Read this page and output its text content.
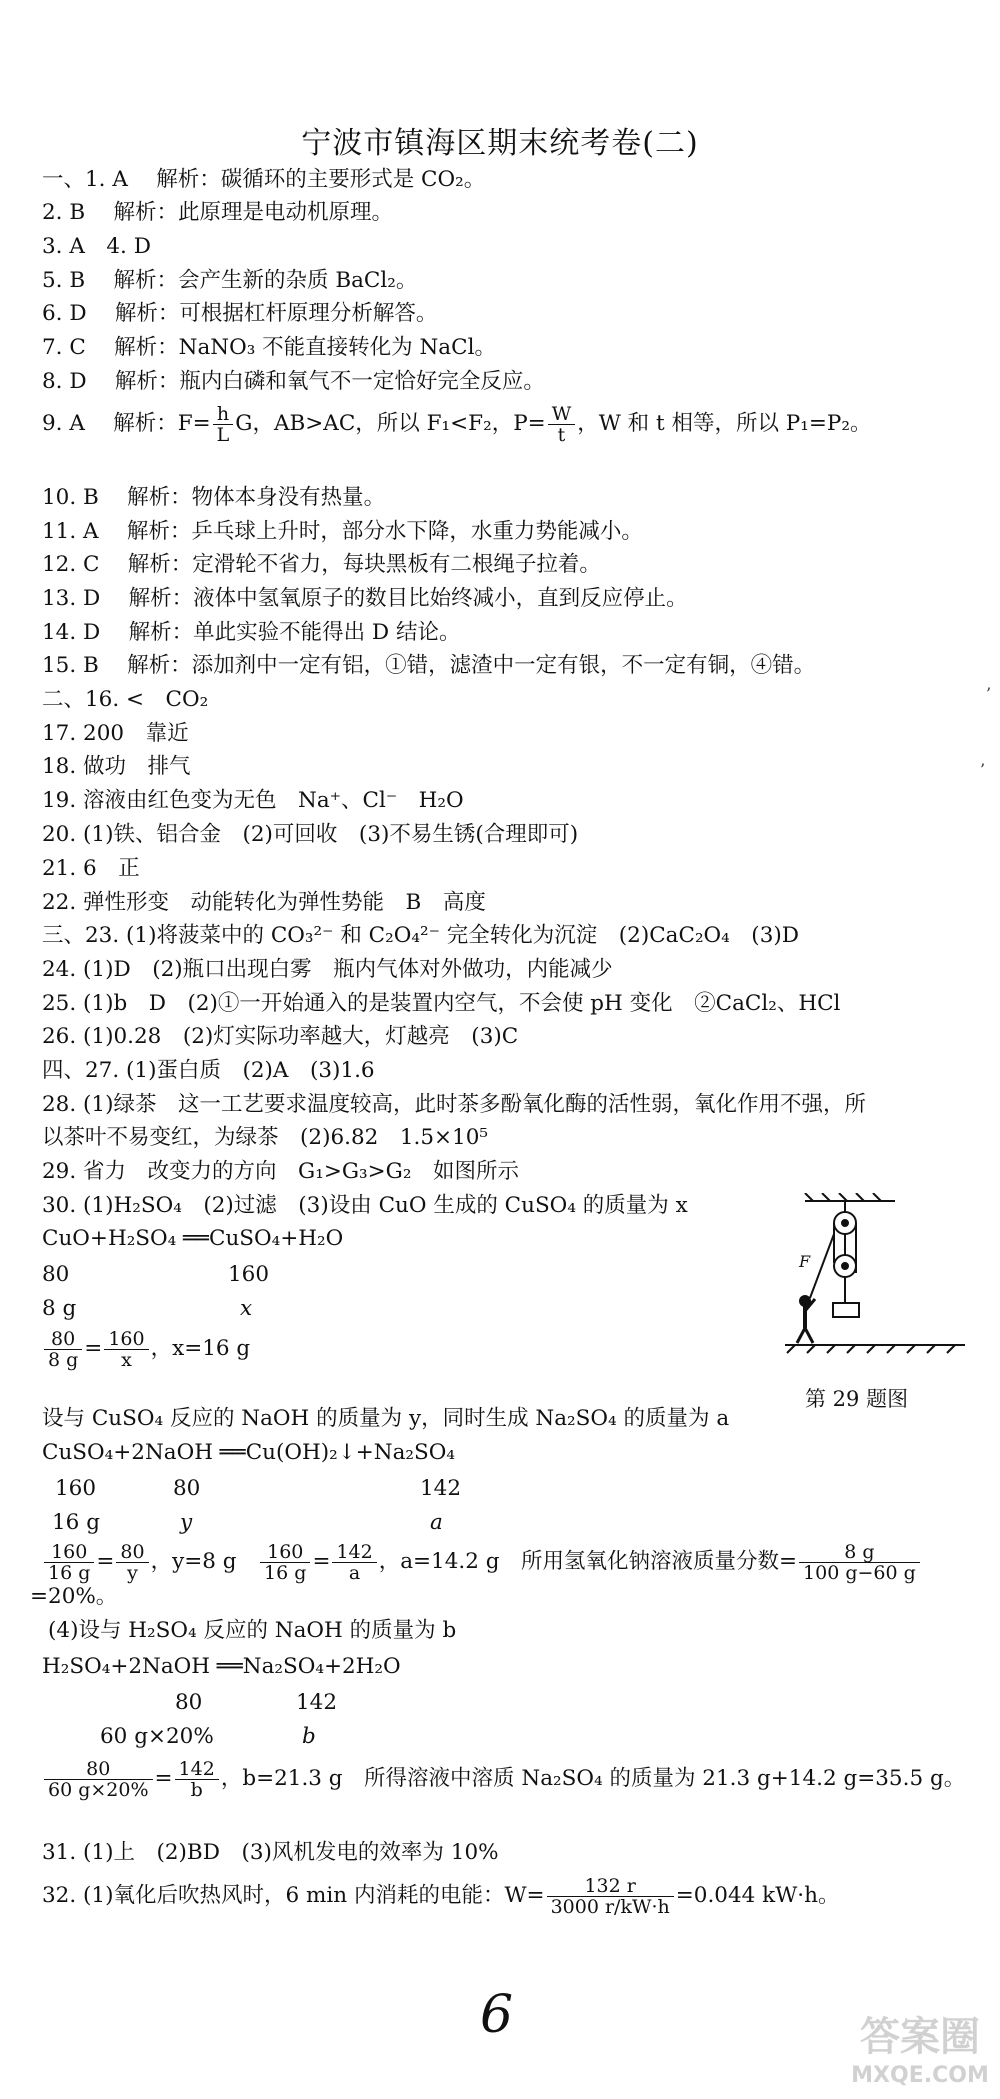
宁波市镇海区期末统考卷(二)
一、1. A　 解析：碳循环的主要形式是 CO₂。
2. B　 解析：此原理是电动机原理。
3. A　4. D
5. B　 解析：会产生新的杂质 BaCl₂。
6. D　 解析：可根据杠杆原理分析解答。
7. C　 解析：NaNO₃ 不能直接转化为 NaCl。
8. D　 解析：瓶内白磷和氧气不一定恰好完全反应。
9. A　 解析：$F= \frac{h}{L}$ G，AB>AC，所以 F₁<F₂，$P= \frac{W}{t}$ ，W 和 t 相等，所以 P₁=P₂。
10. B　 解析：物体本身没有热量。
11. A　 解析：乒乓球上升时，部分水下降，水重力势能减小。
12. C　 解析：定滑轮不省力，每块黑板有二根绳子拉着。
13. D　 解析：液体中氢氧原子的数目比始终减小，直到反应停止。
14. D　 解析：单此实验不能得出 D 结论。
15. B　 解析：添加剂中一定有铝，①错，滤渣中一定有银，不一定有铜，④错。
二、16. <　CO₂
17. 200　靠近
18. 做功　排气
19. 溶液由红色变为无色　Na⁺、Cl⁻　H₂O
20. (1)铁、铝合金　(2)可回收　(3)不易生锈(合理即可)
21. 6　正
22. 弹性形变　动能转化为弹性势能　B　高度
三、23. (1)将菠菜中的 CO₃²⁻ 和 C₂O₄²⁻ 完全转化为沉淀　(2)CaC₂O₄　(3)D
24. (1)D　(2)瓶口出现白雾　瓶内气体对外做功，内能减少
25. (1)b　D　(2)①一开始通入的是装置内空气，不会使 pH 变化　②CaCl₂、HCl
26. (1)0.28　(2)灯实际功率越大，灯越亮　(3)C
四、27. (1)蛋白质　(2)A　(3)1.6
28. (1)绿茶　这一工艺要求温度较高，此时茶多酚氧化酶的活性弱，氧化作用不强，所
以茶叶不易变红，为绿茶　(2)6.82　1.5×10⁵
29. 省力　改变力的方向　G₁>G₃>G₂　如图所示
30. (1)H₂SO₄　(2)过滤　(3)设由 CuO 生成的 CuSO₄ 的质量为 x
CuO+H₂SO₄ ══CuSO₄+H₂O
80	160
8 g	x
$\frac{80}{8 g} = \frac{160}{x}$ ，x=16 g
设与 CuSO₄ 反应的 NaOH 的质量为 y，同时生成 Na₂SO₄ 的质量为 a
CuSO₄+2NaOH ══Cu(OH)₂↓+Na₂SO₄
160	80	142
16 g	y	a
$\frac{160}{16 g} = \frac{80}{y}$ ，y=8 g　 $\frac{160}{16 g} = \frac{142}{a}$ ，a=14.2 g　所用氢氧化钠溶液质量分数= $\frac{8 g}{100 g-60 g}$
=20%。
(4)设与 H₂SO₄ 反应的 NaOH 的质量为 b
H₂SO₄+2NaOH ══Na₂SO₄+2H₂O
80	142
60 g×20%	b
$\frac{80}{60 g\times 20\%} = \frac{142}{b}$ ，b=21.3 g　所得溶液中溶质 Na₂SO₄ 的质量为 21.3 g+14.2 g=35.5 g。
31. (1)上　(2)BD　(3)风机发电的效率为 10%
32. (1)氧化后吹热风时，6 min 内消耗的电能：$W= \frac{132 r}{3000 r/kW\cdot h} =0.044$ kW·h。
F
第 29 题图
6
’
’
答案圈
MXQE.COM
